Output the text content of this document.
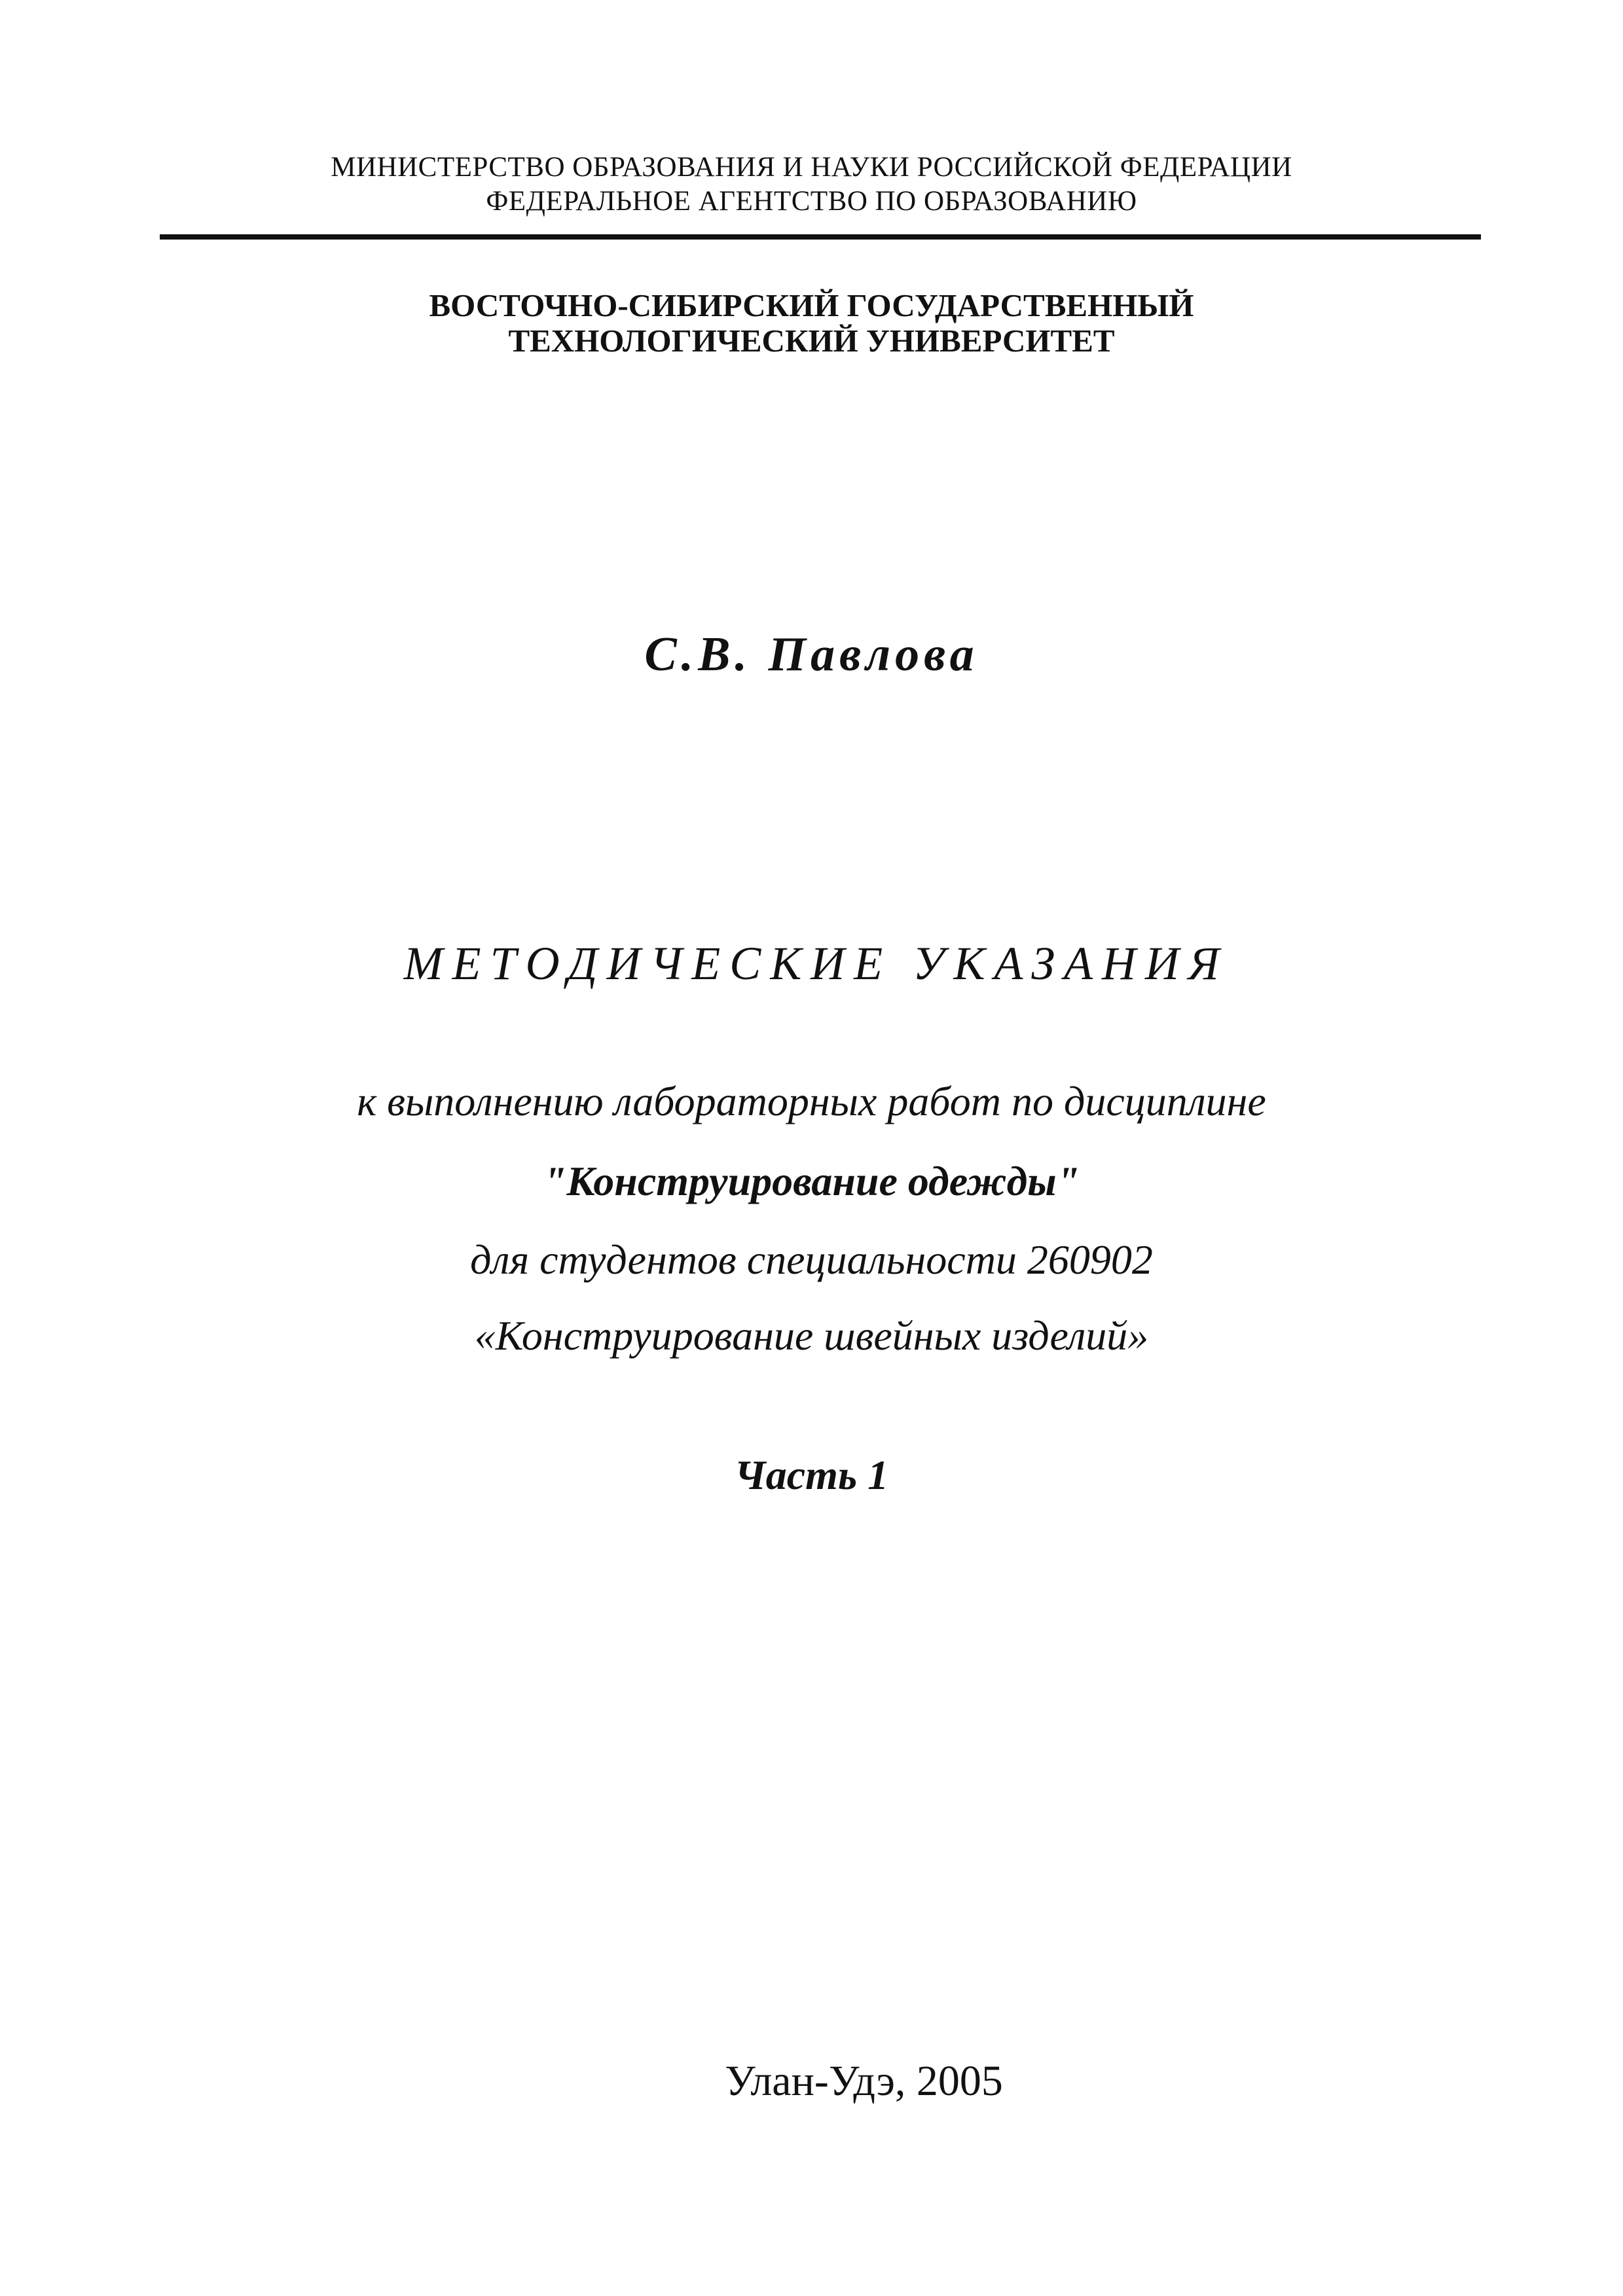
МИНИСТЕРСТВО ОБРАЗОВАНИЯ И НАУКИ РОССИЙСКОЙ ФЕДЕРАЦИИ
ФЕДЕРАЛЬНОЕ АГЕНТСТВО ПО ОБРАЗОВАНИЮ
ВОСТОЧНО-СИБИРСКИЙ ГОСУДАРСТВЕННЫЙ
ТЕХНОЛОГИЧЕСКИЙ УНИВЕРСИТЕТ
С.В. Павлова
МЕТОДИЧЕСКИЕ УКАЗАНИЯ
к выполнению лабораторных работ по дисциплине
"Конструирование одежды"
для студентов специальности 260902
«Конструирование швейных изделий»
Часть 1
Улан-Удэ, 2005
